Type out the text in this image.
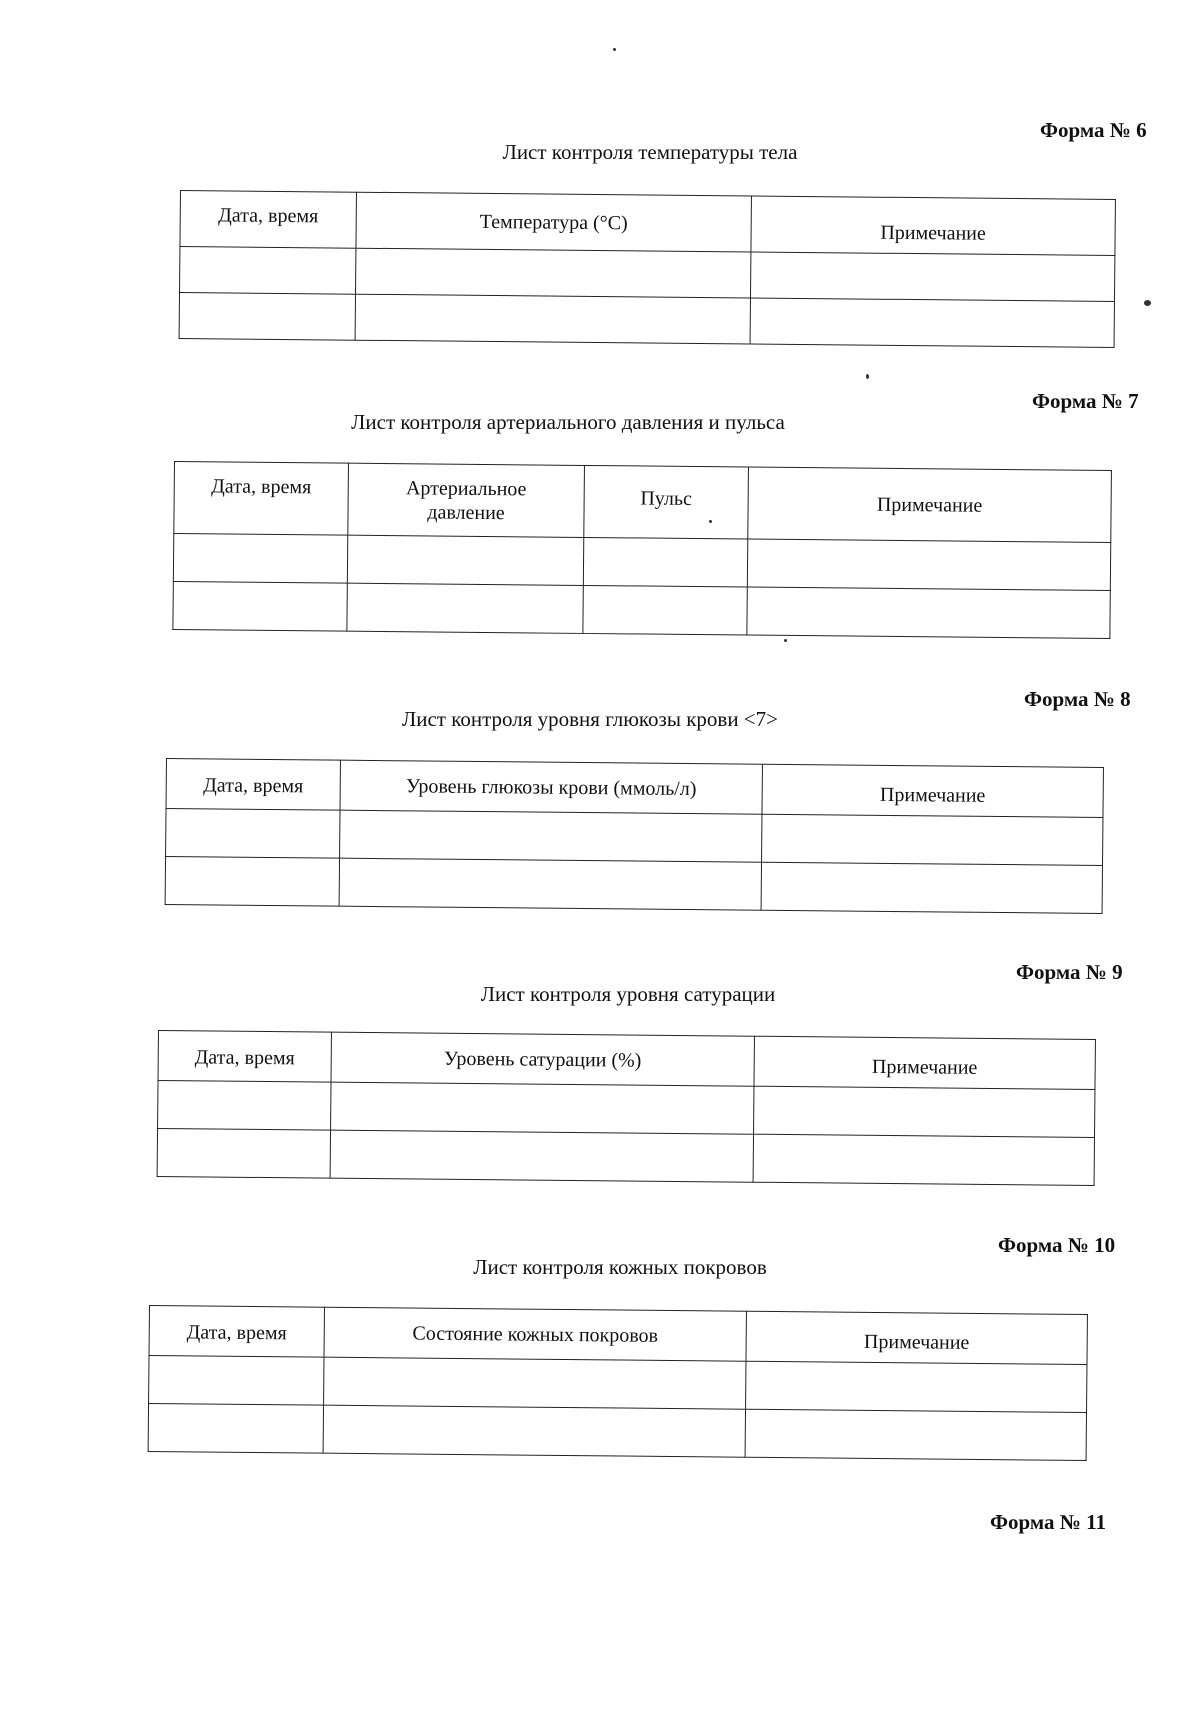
Форма № 6
Лист контроля температуры тела
Дата, время	Температура (°C)	Примечание

Форма № 7
Лист контроля артериального давления и пульса
Дата, время	Артериальное давление	Пульс	Примечание

Форма № 8
Лист контроля уровня глюкозы крови <7>
Дата, время	Уровень глюкозы крови (ммоль/л)	Примечание

Форма № 9
Лист контроля уровня сатурации
Дата, время	Уровень сатурации (%)	Примечание

Форма № 10
Лист контроля кожных покровов
Дата, время	Состояние кожных покровов	Примечание

Форма № 11
